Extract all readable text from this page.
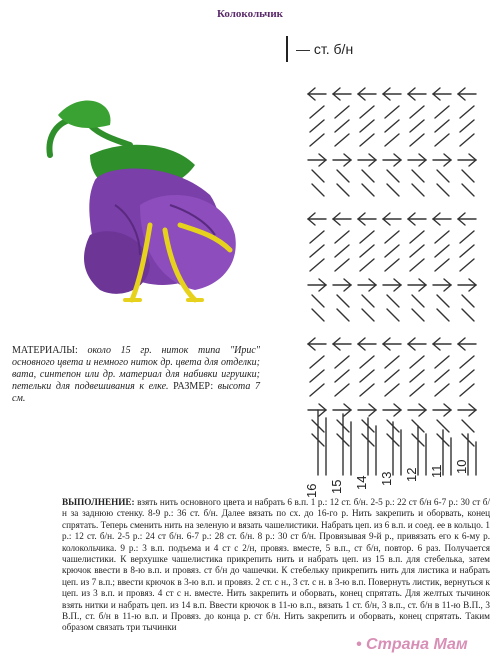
Колокольчик
— ст. б/н
МАТЕРИАЛЫ: около 15 гр. ниток типа "Ирис" основного цвета и немного ниток др. цвета для отделки; вата, синтепон или др. материал для набивки игрушки; петельки для подвешивания к елке. РАЗМЕР: высота 7 см.
16 15 14 13 12 11 10
ВЫПОЛНЕНИЕ: взять нить основного цвета и набрать 6 в.п. 1 р.: 12 ст. б/н. 2-5 р.: 22 ст б/н 6-7 р.: 30 ст б/н за заднюю стенку. 8-9 р.: 36 ст. б/н. Далее вязать по сх. до 16-го р. Нить закрепить и оборвать, конец спрятать. Теперь сменить нить на зеленую и вязать чашелистики. Набрать цеп. из 6 в.п. и соед. ее в кольцо. 1 р.: 12 ст. б/н. 2-5 р.: 24 ст б/н. 6-7 р.: 28 ст. б/н. 8 р.: 30 ст б/н. Провязывая 9-й р., привязать его к 6-му р. колокольчика. 9 р.: 3 в.п. подъема и 4 ст с 2/н, провяз. вместе, 5 в.п., ст б/н, повтор. 6 раз. Получается чашелистики. К верхушке чашелистика прикрепить нить и набрать цеп. из 15 в.п. для стебелька, затем крючок ввести в 8-ю в.п. и провяз. ст б/н до чашечки. К стебельку прикрепить нить для листика и набрать цеп. из 7 в.п.; ввести крючок в 3-ю в.п. и провяз. 2 ст. с н., 3 ст. с н. в 3-ю в.п. Повернуть листик, вернуться к цеп. из 3 в.п. и провяз. 4 ст с н. вместе. Нить закрепить и оборвать, конец спрятать. Для желтых тычинок взять нитки и набрать цеп. из 14 в.п. Ввести крючок в 11-ю в.п., вязать 1 ст. б/н, 3 в.п., ст. б/н в 11-ю В.П., 3 В.П., ст. б/н в 11-ю в.п. и Провяз. до конца р. ст б/н. Нить закрепить и оборвать, конец спрятать. Таким образом связать три тычинки
• Страна Мам
